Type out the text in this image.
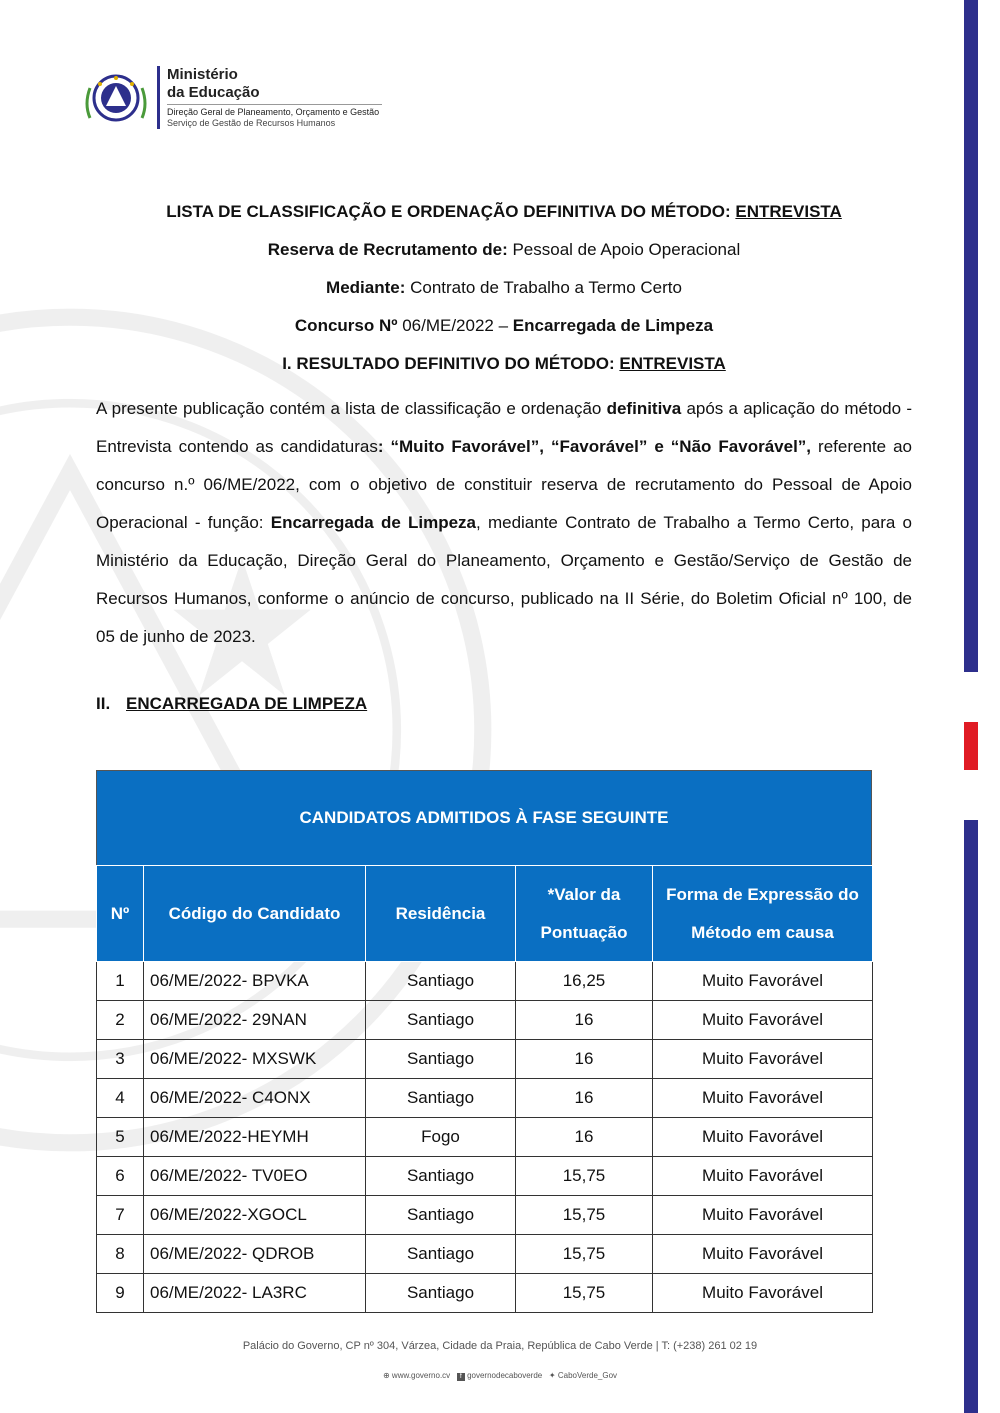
Ministério
da Educação
Direção Geral de Planeamento, Orçamento e Gestão
Serviço de Gestão de Recursos Humanos
LISTA DE CLASSIFICAÇÃO E ORDENAÇÃO DEFINITIVA DO MÉTODO: ENTREVISTA
Reserva de Recrutamento de: Pessoal de Apoio Operacional
Mediante: Contrato de Trabalho a Termo Certo
Concurso Nº 06/ME/2022 – Encarregada de Limpeza
I. RESULTADO DEFINITIVO DO MÉTODO: ENTREVISTA
A presente publicação contém a lista de classificação e ordenação definitiva após a aplicação do método - Entrevista contendo as candidaturas: “Muito Favorável”, “Favorável” e “Não Favorável”, referente ao concurso n.º 06/ME/2022, com o objetivo de constituir reserva de recrutamento do Pessoal de Apoio Operacional - função: Encarregada de Limpeza, mediante Contrato de Trabalho a Termo Certo, para o Ministério da Educação, Direção Geral do Planeamento, Orçamento e Gestão/Serviço de Gestão de Recursos Humanos, conforme o anúncio de concurso, publicado na II Série, do Boletim Oficial nº 100, de 05 de junho de 2023.
II. ENCARREGADA DE LIMPEZA
CANDIDATOS ADMITIDOS À FASE SEGUINTE
Nº	Código do Candidato	Residência	*Valor da Pontuação	Forma de Expressão do Método em causa
1	06/ME/2022- BPVKA	Santiago	16,25	Muito Favorável
2	06/ME/2022- 29NAN	Santiago	16	Muito Favorável
3	06/ME/2022- MXSWK	Santiago	16	Muito Favorável
4	06/ME/2022- C4ONX	Santiago	16	Muito Favorável
5	06/ME/2022-HEYMH	Fogo	16	Muito Favorável
6	06/ME/2022- TV0EO	Santiago	15,75	Muito Favorável
7	06/ME/2022-XGOCL	Santiago	15,75	Muito Favorável
8	06/ME/2022- QDROB	Santiago	15,75	Muito Favorável
9	06/ME/2022- LA3RC	Santiago	15,75	Muito Favorável
Palácio do Governo, CP nº 304, Várzea, Cidade da Praia, República de Cabo Verde | T: (+238) 261 02 19
⊕ www.governo.cv f governodecaboverde ✦ CaboVerde_Gov
